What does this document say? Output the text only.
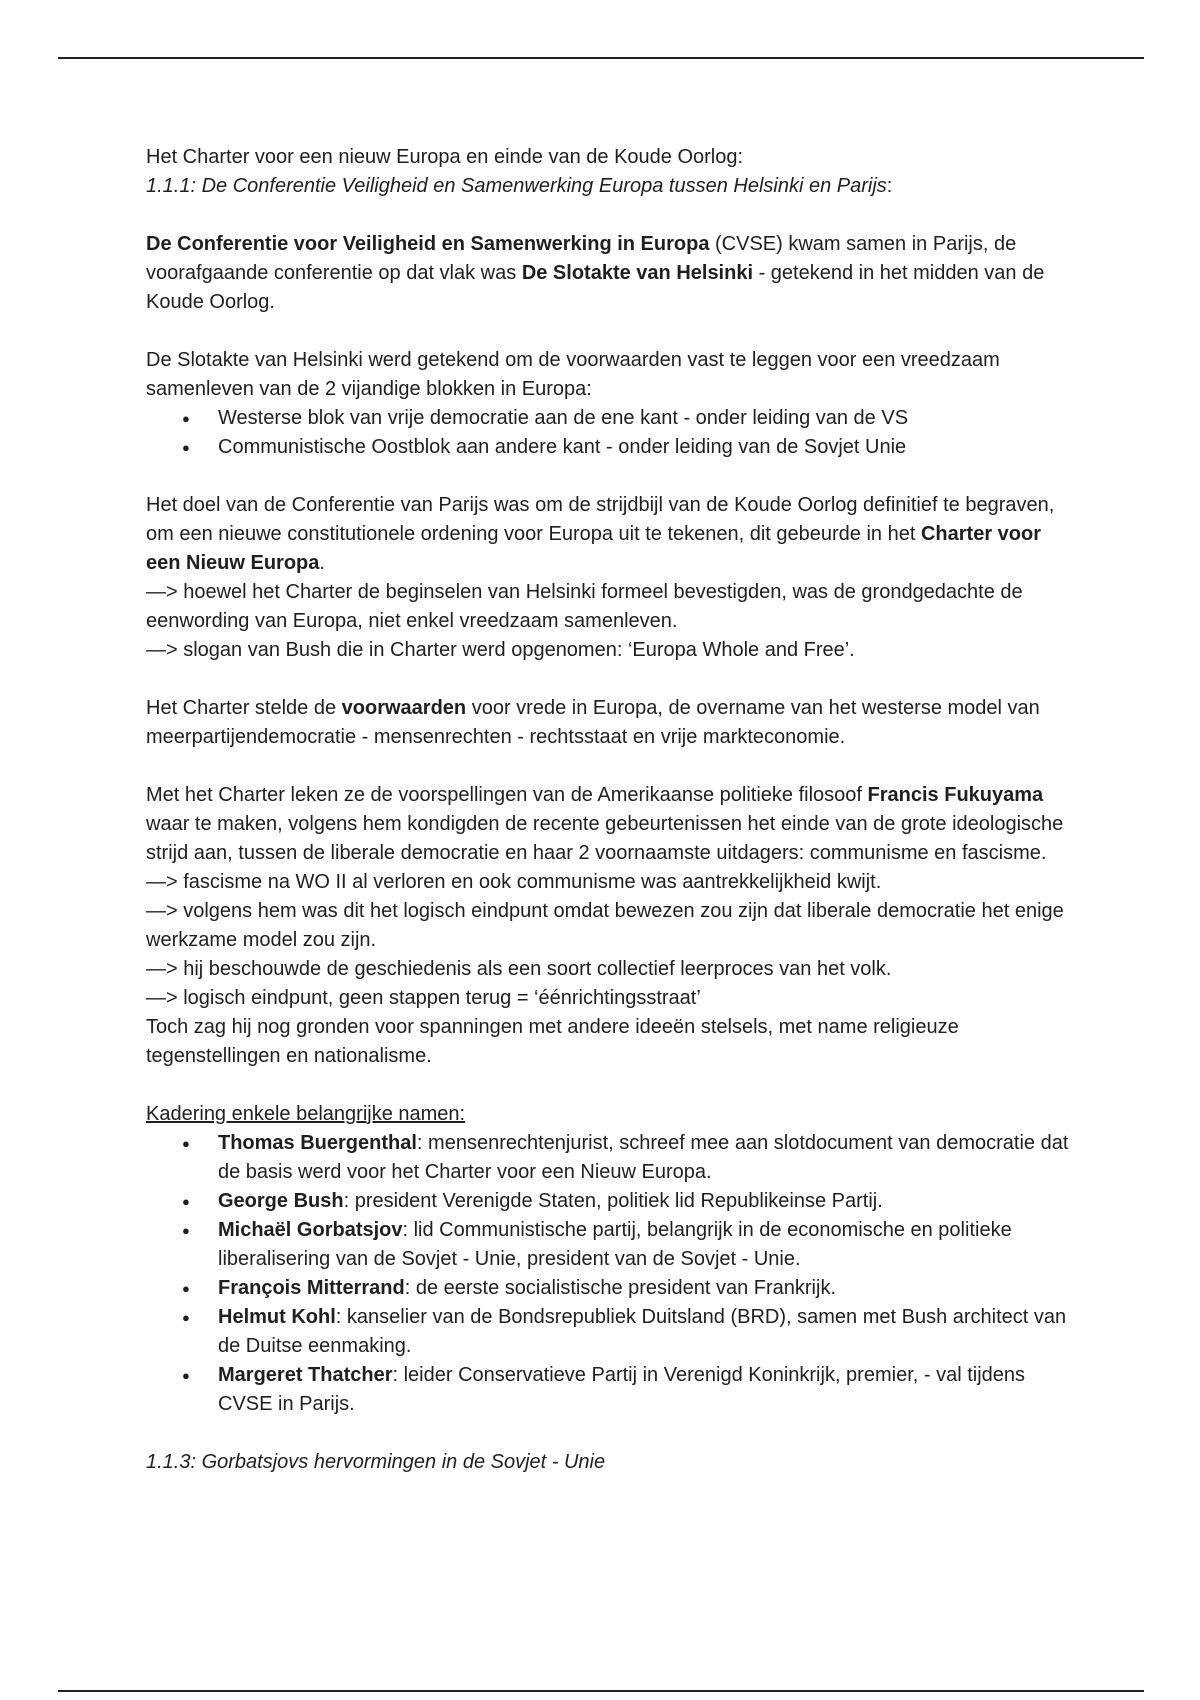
Het Charter voor een nieuw Europa en einde van de Koude Oorlog:

1.1.1: De Conferentie Veiligheid en Samenwerking Europa tussen Helsinki en Parijs:

De Conferentie voor Veiligheid en Samenwerking in Europa (CVSE) kwam samen in Parijs, de voorafgaande conferentie op dat vlak was De Slotakte van Helsinki - getekend in het midden van de Koude Oorlog.

De Slotakte van Helsinki werd getekend om de voorwaarden vast te leggen voor een vreedzaam samenleven van de 2 vijandige blokken in Europa:

● Westerse blok van vrije democratie aan de ene kant - onder leiding van de VS
● Communistische Oostblok aan andere kant - onder leiding van de Sovjet Unie

Het doel van de Conferentie van Parijs was om de strijdbijl van de Koude Oorlog definitief te begraven, om een nieuwe constitutionele ordening voor Europa uit te tekenen, dit gebeurde in het Charter voor een Nieuw Europa.

—> hoewel het Charter de beginselen van Helsinki formeel bevestigden, was de grondgedachte de eenwording van Europa, niet enkel vreedzaam samenleven.

—> slogan van Bush die in Charter werd opgenomen: ‘Europa Whole and Free’.

Het Charter stelde de voorwaarden voor vrede in Europa, de overname van het westerse model van meerpartijendemocratie - mensenrechten - rechtsstaat en vrije markteconomie.

Met het Charter leken ze de voorspellingen van de Amerikaanse politieke filosoof Francis Fukuyama waar te maken, volgens hem kondigden de recente gebeurtenissen het einde van de grote ideologische strijd aan, tussen de liberale democratie en haar 2 voornaamste uitdagers: communisme en fascisme.

—> fascisme na WO II al verloren en ook communisme was aantrekkelijkheid kwijt.

—> volgens hem was dit het logisch eindpunt omdat bewezen zou zijn dat liberale democratie het enige werkzame model zou zijn.

—> hij beschouwde de geschiedenis als een soort collectief leerproces van het volk.

—> logisch eindpunt, geen stappen terug = ‘éénrichtingsstraat’

Toch zag hij nog gronden voor spanningen met andere ideeën stelsels, met name religieuze tegenstellingen en nationalisme.

Kadering enkele belangrijke namen:

● Thomas Buergenthal: mensenrechtenjurist, schreef mee aan slotdocument van democratie dat de basis werd voor het Charter voor een Nieuw Europa.
● George Bush: president Verenigde Staten, politiek lid Republikeinse Partij.
● Michaël Gorbatsjov: lid Communistische partij, belangrijk in de economische en politieke liberalisering van de Sovjet - Unie, president van de Sovjet - Unie.
● François Mitterrand: de eerste socialistische president van Frankrijk.
● Helmut Kohl: kanselier van de Bondsrepubliek Duitsland (BRD), samen met Bush architect van de Duitse eenmaking.
● Margeret Thatcher: leider Conservatieve Partij in Verenigd Koninkrijk, premier, - val tijdens CVSE in Parijs.

1.1.3: Gorbatsjovs hervormingen in de Sovjet - Unie
